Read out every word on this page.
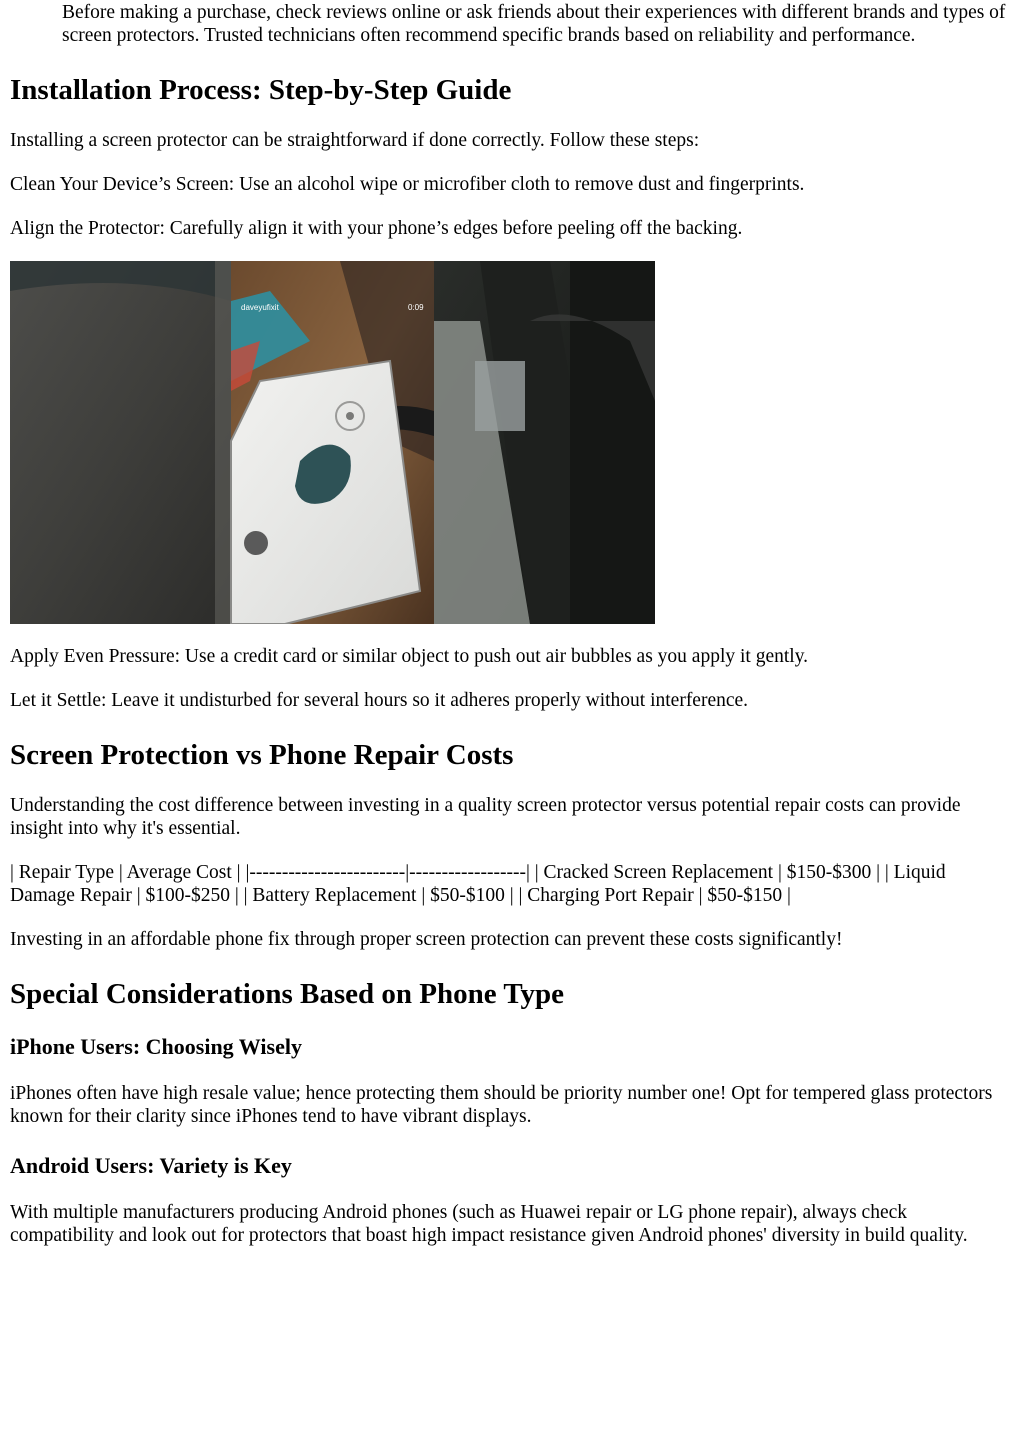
Before making a purchase, check reviews online or ask friends about their experiences with different brands and types of screen protectors. Trusted technicians often recommend specific brands based on reliability and performance.

Installation Process: Step-by-Step Guide

Installing a screen protector can be straightforward if done correctly. Follow these steps:

Clean Your Device’s Screen: Use an alcohol wipe or microfiber cloth to remove dust and fingerprints.

Align the Protector: Carefully align it with your phone’s edges before peeling off the backing.

daveyufixit	0:09

Apply Even Pressure: Use a credit card or similar object to push out air bubbles as you apply it gently.

Let it Settle: Leave it undisturbed for several hours so it adheres properly without interference.

Screen Protection vs Phone Repair Costs

Understanding the cost difference between investing in a quality screen protector versus potential repair costs can provide insight into why it's essential.

| Repair Type | Average Cost | |------------------------|------------------| | Cracked Screen Replacement | $150-$300 | | Liquid Damage Repair | $100-$250 | | Battery Replacement | $50-$100 | | Charging Port Repair | $50-$150 |

Investing in an affordable phone fix through proper screen protection can prevent these costs significantly!

Special Considerations Based on Phone Type
iPhone Users: Choosing Wisely

iPhones often have high resale value; hence protecting them should be priority number one! Opt for tempered glass protectors known for their clarity since iPhones tend to have vibrant displays.

Android Users: Variety is Key

With multiple manufacturers producing Android phones (such as Huawei repair or LG phone repair), always check compatibility and look out for protectors that boast high impact resistance given Android phones' diversity in build quality.
